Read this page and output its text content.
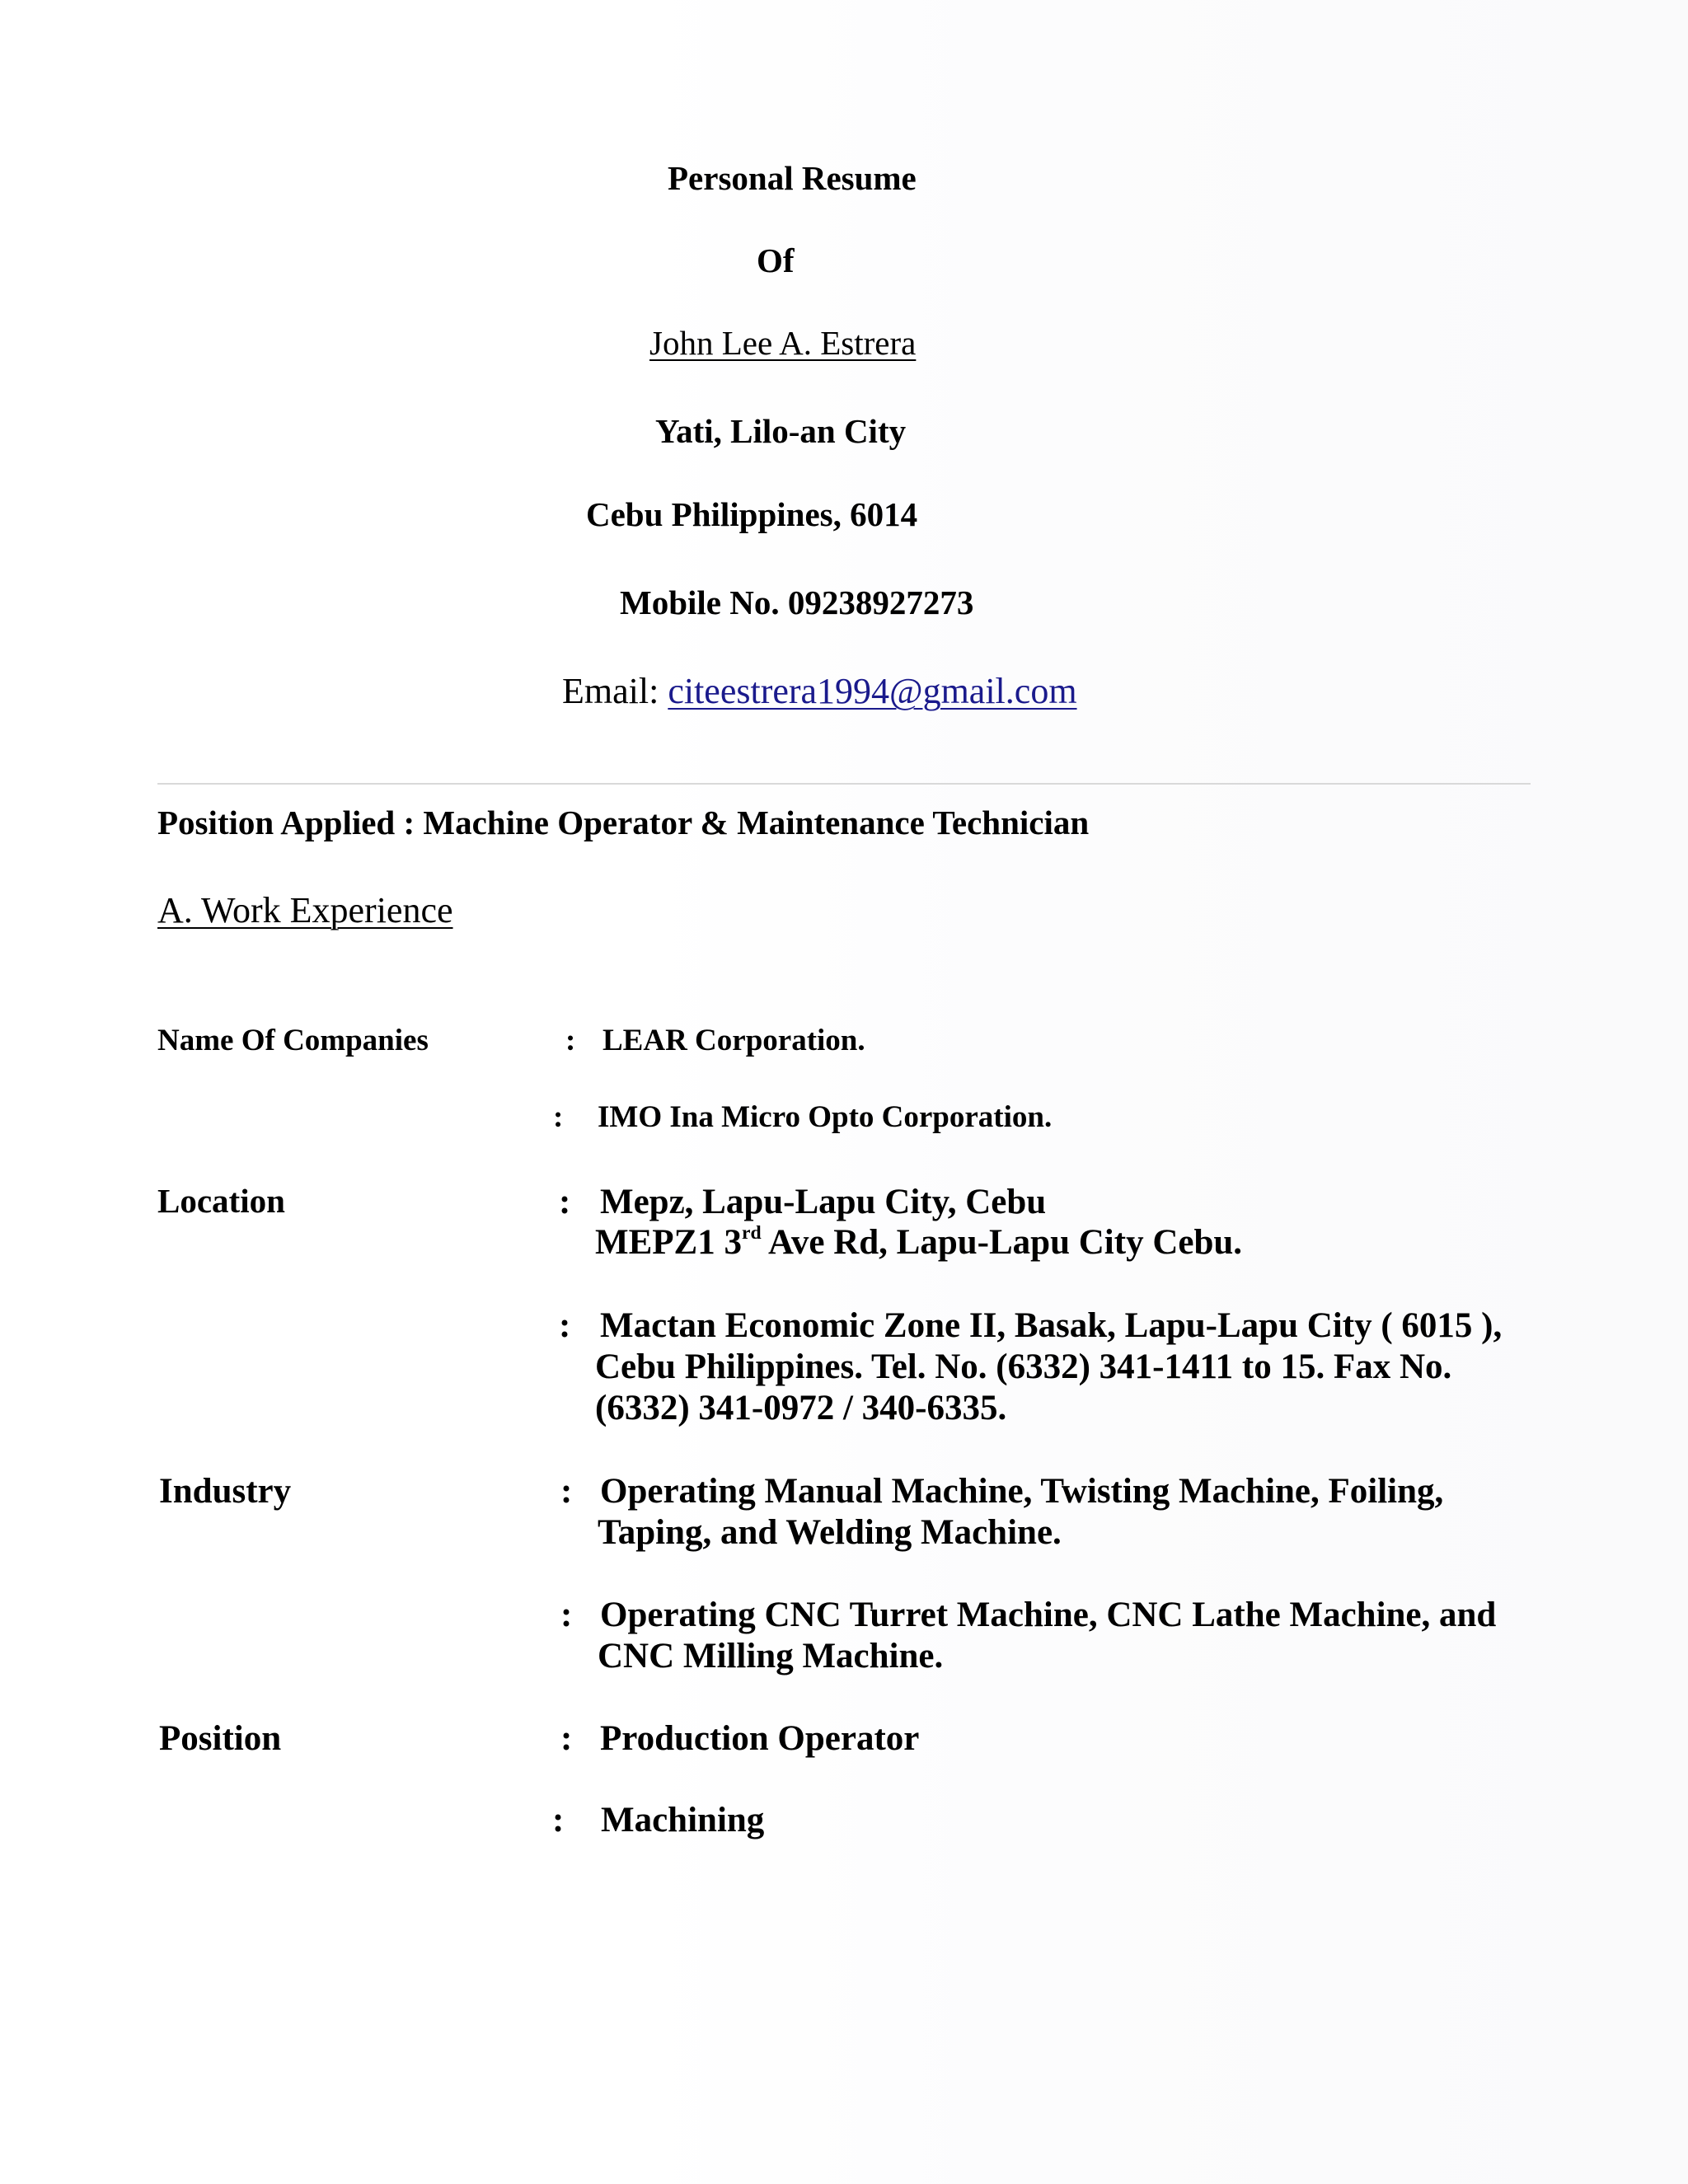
Personal Resume
Of
John Lee A. Estrera
Yati, Lilo-an City
Cebu Philippines, 6014
Mobile No. 09238927273
Email: citeestrera1994@gmail.com
Position Applied : Machine Operator & Maintenance Technician
A. Work Experience
Name Of Companies	: LEAR Corporation.
: IMO Ina Micro Opto Corporation.
Location	: Mepz, Lapu-Lapu City, Cebu
MEPZ1 3rd Ave Rd, Lapu-Lapu City Cebu.
: Mactan Economic Zone II, Basak, Lapu-Lapu City ( 6015 ),
Cebu Philippines. Tel. No. (6332) 341-1411 to 15. Fax No.
(6332) 341-0972 / 340-6335.
Industry	: Operating Manual Machine, Twisting Machine, Foiling,
Taping, and Welding Machine.
: Operating CNC Turret Machine, CNC Lathe Machine, and
CNC Milling Machine.
Position	: Production Operator
: Machining
